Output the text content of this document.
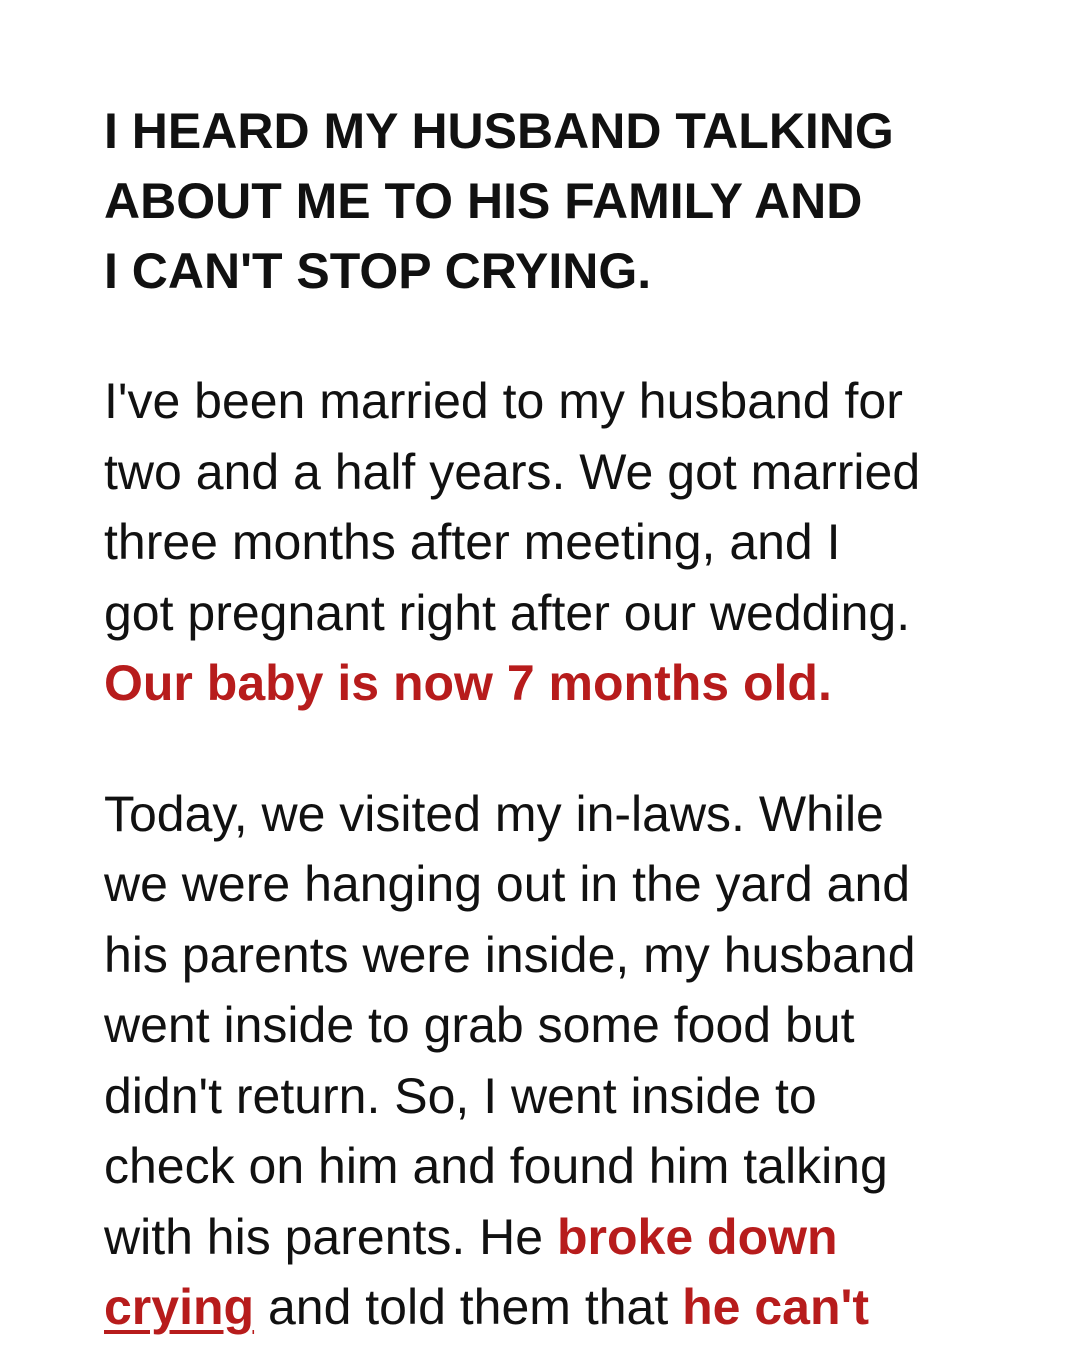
I HEARD MY HUSBAND TALKING
ABOUT ME TO HIS FAMILY AND
I CAN'T STOP CRYING.

I've been married to my husband for
two and a half years. We got married
three months after meeting, and I
got pregnant right after our wedding.
Our baby is now 7 months old.

Today, we visited my in-laws. While
we were hanging out in the yard and
his parents were inside, my husband
went inside to grab some food but
didn't return. So, I went inside to
check on him and found him talking
with his parents. He broke down
crying and told them that he can't
